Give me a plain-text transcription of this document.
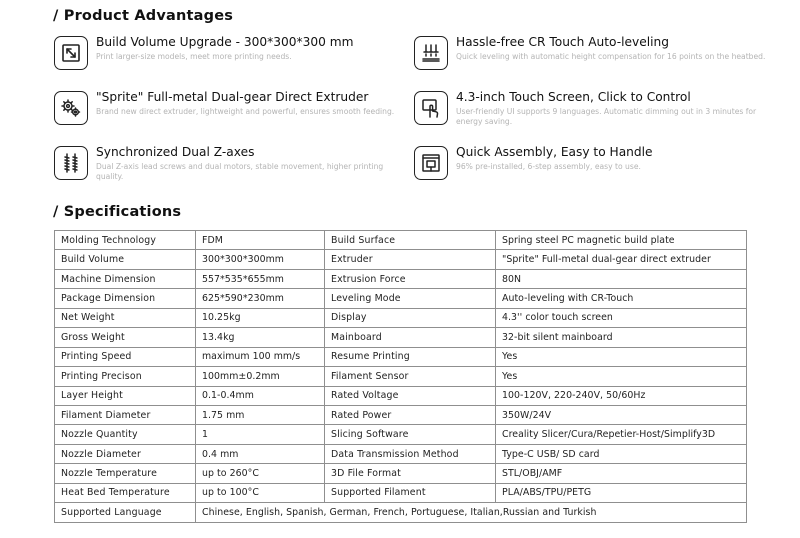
/ Product Advantages
Build Volume Upgrade - 300*300*300 mm
Print larger-size models, meet more printing needs.
Hassle-free CR Touch Auto-leveling
Quick leveling with automatic height compensation for 16 points on the heatbed.
"Sprite" Full-metal Dual-gear Direct Extruder
Brand new direct extruder, lightweight and powerful, ensures smooth feeding.
4.3-inch Touch Screen, Click to Control
User-friendly UI supports 9 languages. Automatic dimming out in 3 minutes for energy saving.
Synchronized Dual Z-axes
Dual Z-axis lead screws and dual motors, stable movement, higher printing quality.
Quick Assembly, Easy to Handle
96% pre-installed, 6-step assembly, easy to use.
/ Specifications
Molding Technology	FDM	Build Surface	Spring steel PC magnetic build plate
Build Volume	300*300*300mm	Extruder	"Sprite" Full-metal dual-gear direct extruder
Machine Dimension	557*535*655mm	Extrusion Force	80N
Package Dimension	625*590*230mm	Leveling Mode	Auto-leveling with CR-Touch
Net Weight	10.25kg	Display	4.3'' color touch screen
Gross Weight	13.4kg	Mainboard	32-bit silent mainboard
Printing Speed	maximum 100 mm/s	Resume Printing	Yes
Printing Precison	100mm±0.2mm	Filament Sensor	Yes
Layer Height	0.1-0.4mm	Rated Voltage	100-120V, 220-240V, 50/60Hz
Filament Diameter	1.75 mm	Rated Power	350W/24V
Nozzle Quantity	1	Slicing Software	Creality Slicer/Cura/Repetier-Host/Simplify3D
Nozzle Diameter	0.4 mm	Data Transmission Method	Type-C USB/ SD card
Nozzle Temperature	up to 260°C	3D File Format	STL/OBJ/AMF
Heat Bed Temperature	up to 100°C	Supported Filament	PLA/ABS/TPU/PETG
Supported Language	Chinese, English, Spanish, German, French, Portuguese, Italian,Russian and Turkish		
